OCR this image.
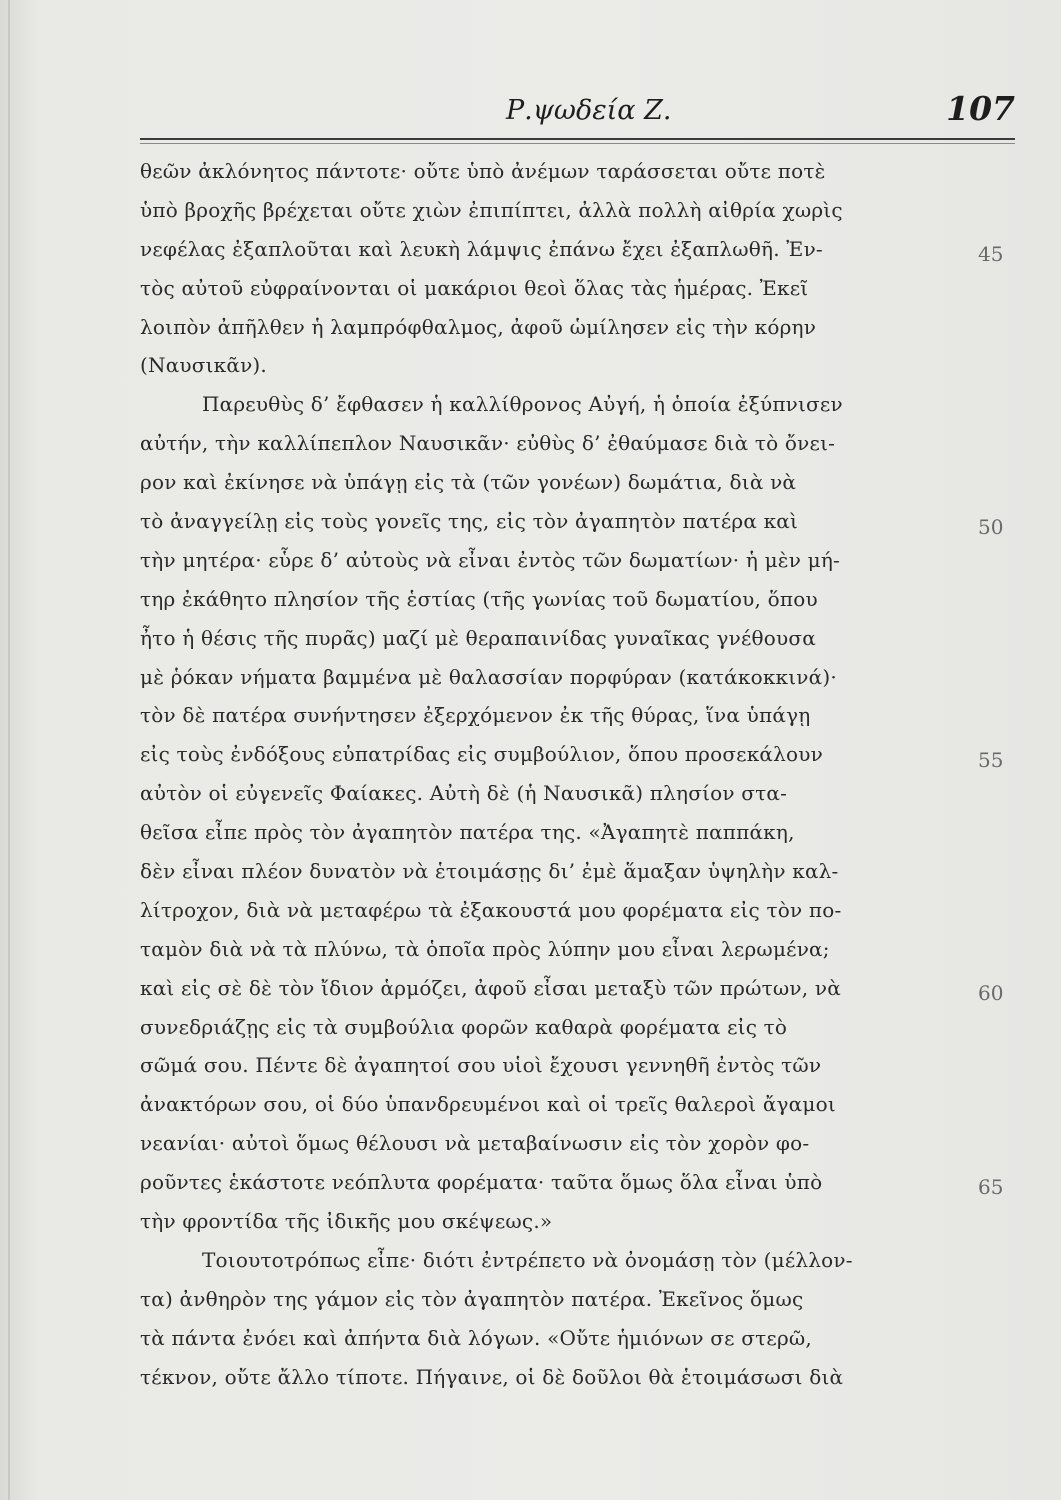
Ρ.ψωδεία Ζ.	107
θεῶν ἀκλόνητος πάντοτε· οὔτε ὑπὸ ἀνέμων ταράσσεται οὔτε ποτὲ
ὑπὸ βροχῆς βρέχεται οὔτε χιὼν ἐπιπίπτει, ἀλλὰ πολλὴ αἰθρία χωρὶς
νεφέλας ἐξαπλοῦται καὶ λευκὴ λάμψις ἐπάνω ἔχει ἐξαπλωθῆ. Ἐν-
τὸς αὐτοῦ εὐφραίνονται οἱ μακάριοι θεοὶ ὅλας τὰς ἡμέρας. Ἐκεῖ
λοιπὸν ἀπῆλθεν ἡ λαμπρόφθαλμος, ἀφοῦ ὡμίλησεν εἰς τὴν κόρην
(Ναυσικᾶν).
Παρευθὺς δ’ ἔφθασεν ἡ καλλίθρονος Αὐγή, ἡ ὁποία ἐξύπνισεν
αὐτήν, τὴν καλλίπεπλον Ναυσικᾶν· εὐθὺς δ’ ἐθαύμασε διὰ τὸ ὄνει-
ρον καὶ ἐκίνησε νὰ ὑπάγῃ εἰς τὰ (τῶν γονέων) δωμάτια, διὰ νὰ
τὸ ἀναγγείλῃ εἰς τοὺς γονεῖς της, εἰς τὸν ἀγαπητὸν πατέρα καὶ
τὴν μητέρα· εὗρε δ’ αὐτοὺς νὰ εἶναι ἐντὸς τῶν δωματίων· ἡ μὲν μή-
τηρ ἐκάθητο πλησίον τῆς ἑστίας (τῆς γωνίας τοῦ δωματίου, ὅπου
ἦτο ἡ θέσις τῆς πυρᾶς) μαζί μὲ θεραπαινίδας γυναῖκας γνέθουσα
μὲ ῥόκαν νήματα βαμμένα μὲ θαλασσίαν πορφύραν (κατάκοκκινά)·
τὸν δὲ πατέρα συνήντησεν ἐξερχόμενον ἐκ τῆς θύρας, ἵνα ὑπάγῃ
εἰς τοὺς ἐνδόξους εὐπατρίδας εἰς συμβούλιον, ὅπου προσεκάλουν
αὐτὸν οἱ εὐγενεῖς Φαίακες. Αὐτὴ δὲ (ἡ Ναυσικᾶ) πλησίον στα-
θεῖσα εἶπε πρὸς τὸν ἀγαπητὸν πατέρα της. «Ἀγαπητὲ παππάκη,
δὲν εἶναι πλέον δυνατὸν νὰ ἑτοιμάσῃς δι’ ἐμὲ ἅμαξαν ὑψηλὴν καλ-
λίτροχον, διὰ νὰ μεταφέρω τὰ ἐξακουστά μου φορέματα εἰς τὸν πο-
ταμὸν διὰ νὰ τὰ πλύνω, τὰ ὁποῖα πρὸς λύπην μου εἶναι λερωμένα;
καὶ εἰς σὲ δὲ τὸν ἴδιον ἁρμόζει, ἀφοῦ εἶσαι μεταξὺ τῶν πρώτων, νὰ
συνεδριάζῃς εἰς τὰ συμβούλια φορῶν καθαρὰ φορέματα εἰς τὸ
σῶμά σου. Πέντε δὲ ἀγαπητοί σου υἱοὶ ἔχουσι γεννηθῆ ἐντὸς τῶν
ἀνακτόρων σου, οἱ δύο ὑπανδρευμένοι καὶ οἱ τρεῖς θαλεροὶ ἄγαμοι
νεανίαι· αὐτοὶ ὅμως θέλουσι νὰ μεταβαίνωσιν εἰς τὸν χορὸν φο-
ροῦντες ἑκάστοτε νεόπλυτα φορέματα· ταῦτα ὅμως ὅλα εἶναι ὑπὸ
τὴν φροντίδα τῆς ἰδικῆς μου σκέψεως.»
Τοιουτοτρόπως εἶπε· διότι ἐντρέπετο νὰ ὀνομάσῃ τὸν (μέλλον-
τα) ἀνθηρὸν της γάμον εἰς τὸν ἀγαπητὸν πατέρα. Ἐκεῖνος ὅμως
τὰ πάντα ἐνόει καὶ ἀπήντα διὰ λόγων. «Οὔτε ἡμιόνων σε στερῶ,
τέκνον, οὔτε ἄλλο τίποτε. Πήγαινε, οἱ δὲ δοῦλοι θὰ ἑτοιμάσωσι διὰ
45
50
55
60
65
